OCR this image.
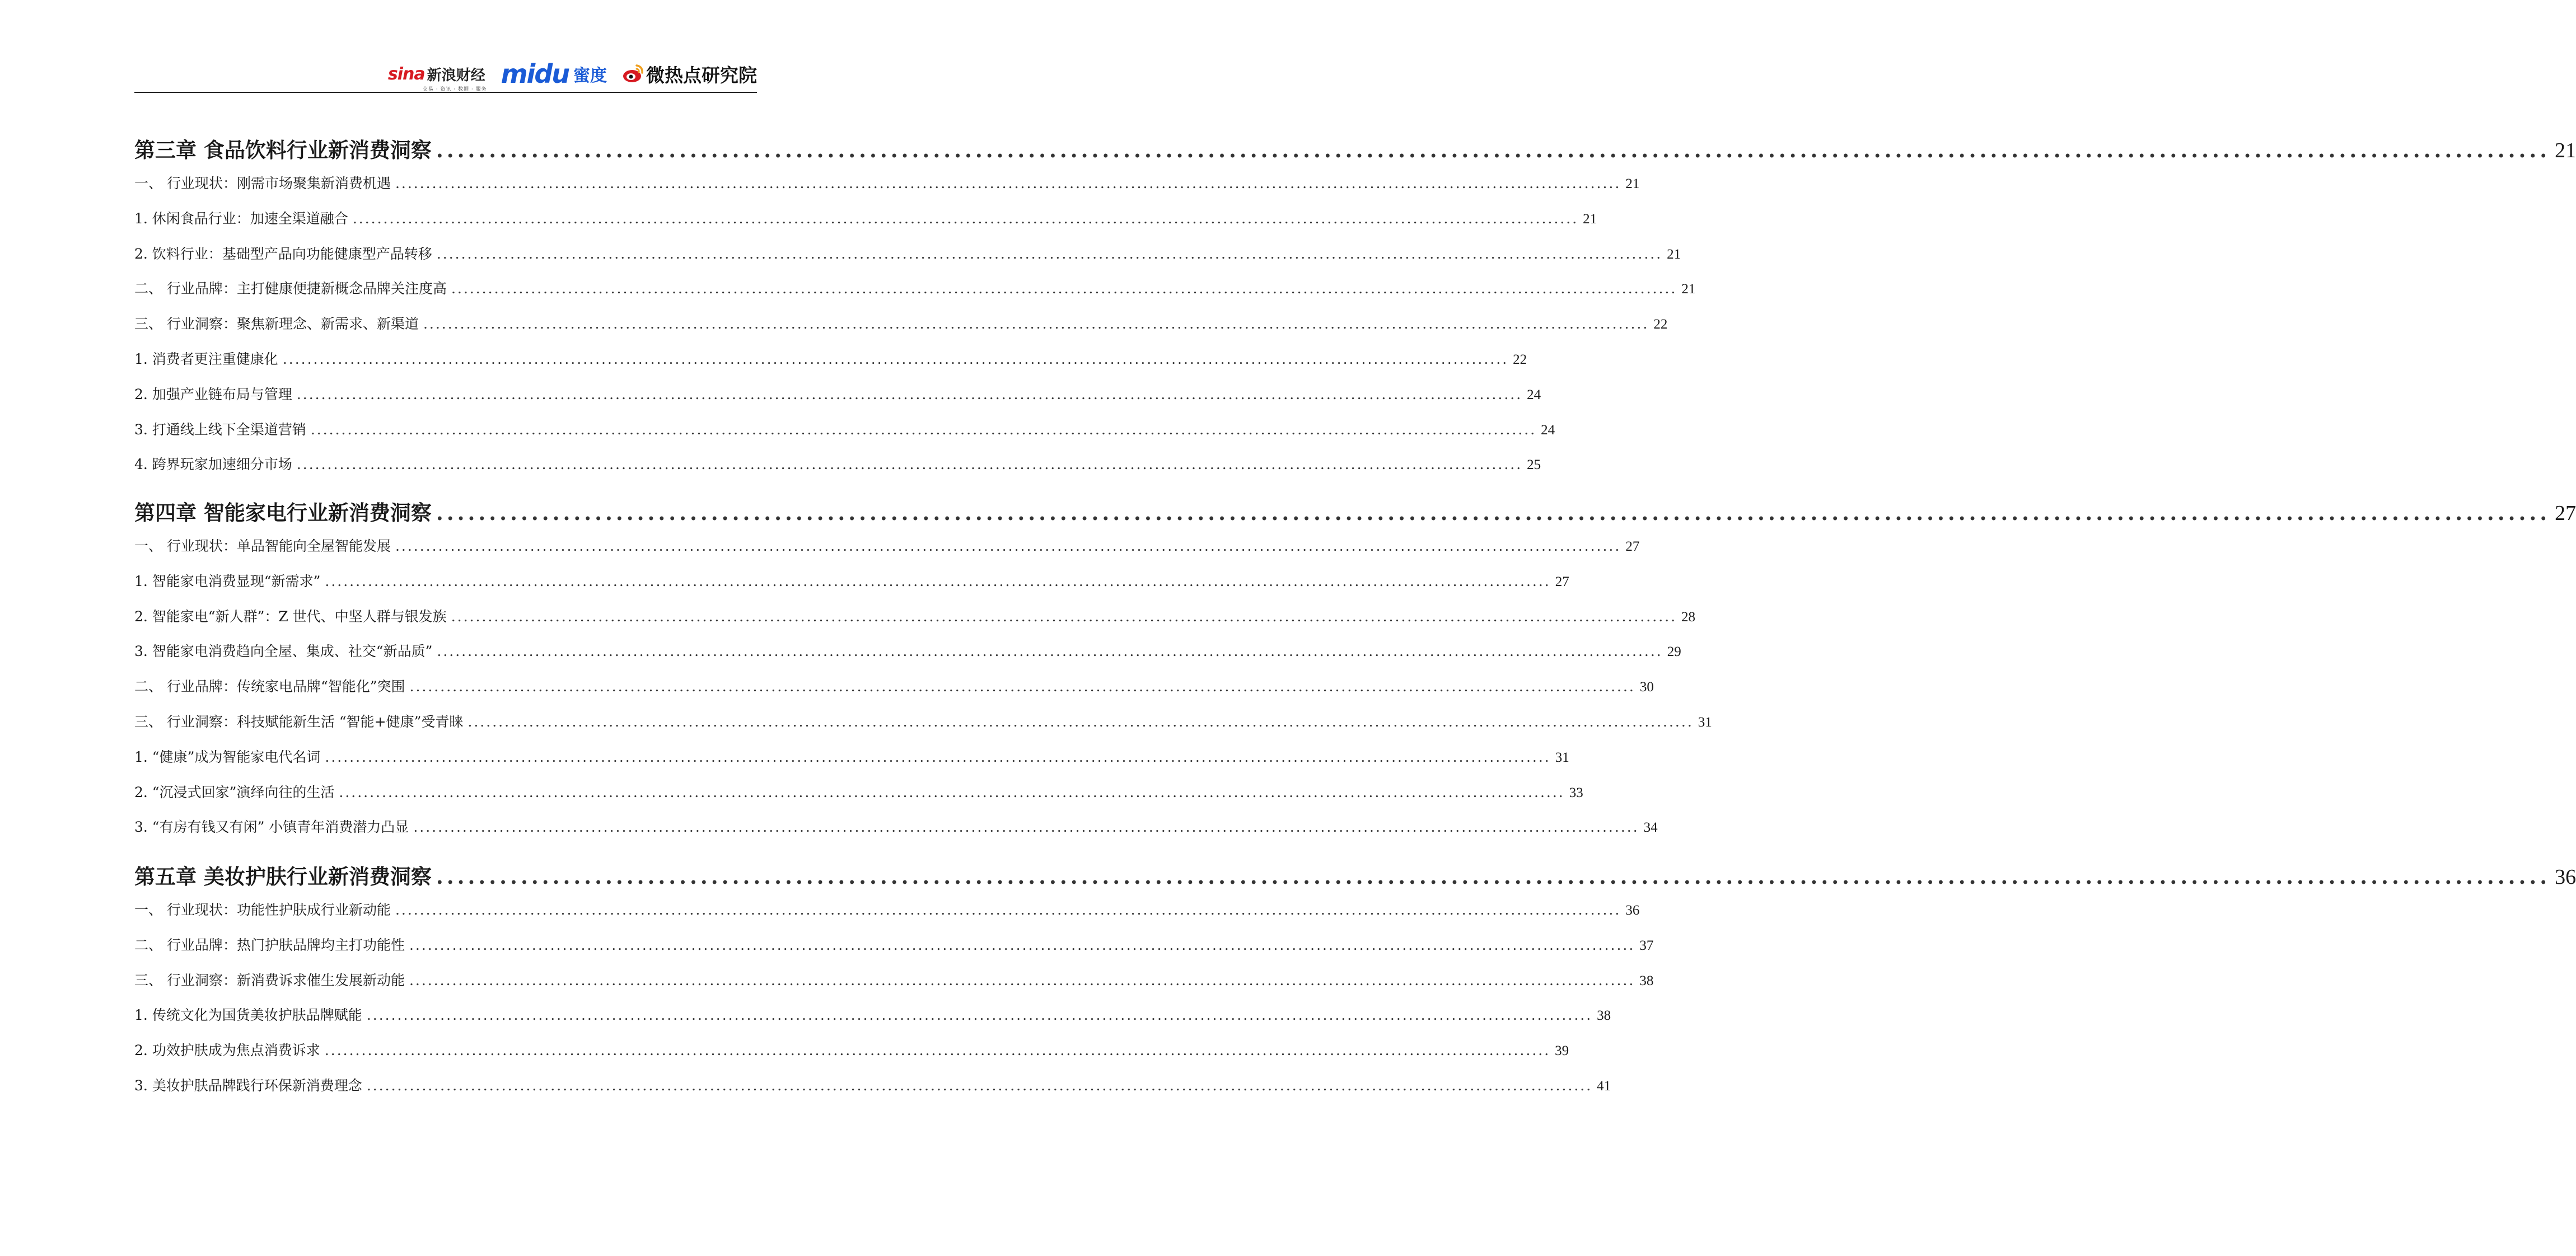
sina 新浪财经
交易 · 资讯 · 数据 · 服务
midu 蜜度 微热点研究院
第三章 食品饮料行业新消费洞察 ........................................................................................................................................................................................................ 21
一、 行业现状：刚需市场聚集新消费机遇 ........................................................................................................................................................................................................ 21
1. 休闲食品行业：加速全渠道融合 ........................................................................................................................................................................................................ 21
2. 饮料行业：基础型产品向功能健康型产品转移 ........................................................................................................................................................................................................ 21
二、 行业品牌：主打健康便捷新概念品牌关注度高 ........................................................................................................................................................................................................ 21
三、 行业洞察：聚焦新理念、新需求、新渠道 ........................................................................................................................................................................................................ 22
1. 消费者更注重健康化 ........................................................................................................................................................................................................ 22
2. 加强产业链布局与管理 ........................................................................................................................................................................................................ 24
3. 打通线上线下全渠道营销 ........................................................................................................................................................................................................ 24
4. 跨界玩家加速细分市场 ........................................................................................................................................................................................................ 25
第四章 智能家电行业新消费洞察 ........................................................................................................................................................................................................ 27
一、 行业现状：单品智能向全屋智能发展 ........................................................................................................................................................................................................ 27
1. 智能家电消费显现“新需求” ........................................................................................................................................................................................................ 27
2. 智能家电“新人群”：Z 世代、中坚人群与银发族 ........................................................................................................................................................................................................ 28
3. 智能家电消费趋向全屋、集成、社交“新品质” ........................................................................................................................................................................................................ 29
二、 行业品牌：传统家电品牌“智能化”突围 ........................................................................................................................................................................................................ 30
三、 行业洞察：科技赋能新生活 “智能+健康”受青睐 ........................................................................................................................................................................................................ 31
1. “健康”成为智能家电代名词 ........................................................................................................................................................................................................ 31
2. “沉浸式回家”演绎向往的生活 ........................................................................................................................................................................................................ 33
3. “有房有钱又有闲” 小镇青年消费潜力凸显 ........................................................................................................................................................................................................ 34
第五章 美妆护肤行业新消费洞察 ........................................................................................................................................................................................................ 36
一、 行业现状：功能性护肤成行业新动能 ........................................................................................................................................................................................................ 36
二、 行业品牌：热门护肤品牌均主打功能性 ........................................................................................................................................................................................................ 37
三、 行业洞察：新消费诉求催生发展新动能 ........................................................................................................................................................................................................ 38
1. 传统文化为国货美妆护肤品牌赋能 ........................................................................................................................................................................................................ 38
2. 功效护肤成为焦点消费诉求 ........................................................................................................................................................................................................ 39
3. 美妆护肤品牌践行环保新消费理念 ........................................................................................................................................................................................................ 41
